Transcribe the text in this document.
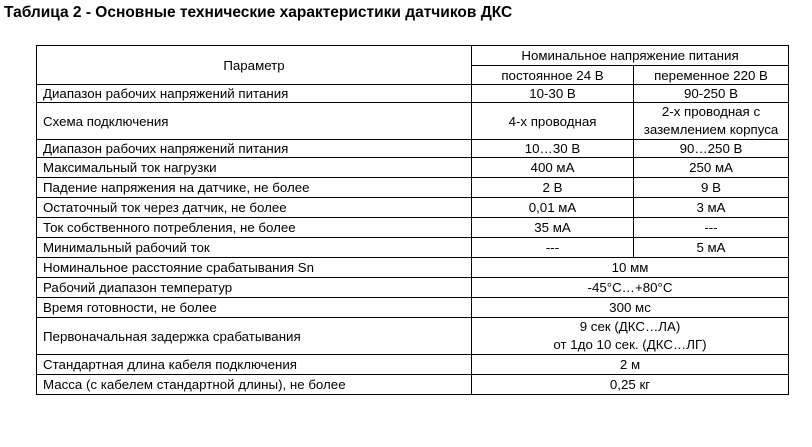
Таблица 2 - Основные технические характеристики датчиков ДКС
Параметр	Номинальное напряжение питания	
	постоянное 24 В	переменное 220 В
Диапазон рабочих напряжений питания	10-30 В	90-250 В
Схема подключения	4-х проводная	2-х проводная с заземлением корпуса
Диапазон рабочих напряжений питания	10…30 В	90…250 В
Максимальный ток нагрузки	400 мА	250 мА
Падение напряжения на датчике, не более	2 В	9 В
Остаточный ток через датчик, не более	0,01 мА	3 мА
Ток собственного потребления, не более	35 мА	---
Минимальный рабочий ток	---	5 мА
Номинальное расстояние срабатывания Sn	10 мм	
Рабочий диапазон температур	-45°C…+80°C	
Время готовности, не более	300 мс	
Первоначальная задержка срабатывания	9 сек (ДКС…ЛА)
от 1до 10 сек. (ДКС…ЛГ)	

Стандартная длина кабеля подключения	2 м	
Масса (с кабелем стандартной длины), не более	0,25 кг	
